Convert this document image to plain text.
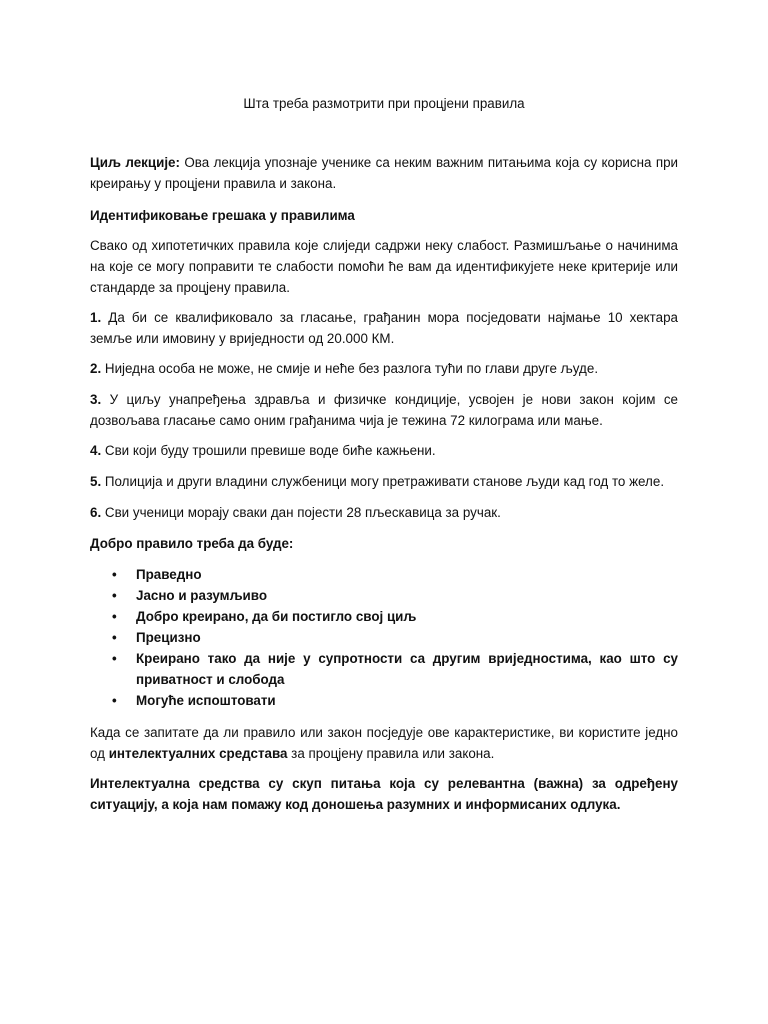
Шта треба размотрити при процјени правила
Циљ лекције: Ова лекција упознаје ученике са неким важним питањима која су корисна при креирању у процјени правила и закона.
Идентификовање грешака у правилима
Свако од хипотетичких правила које слиједи садржи неку слабост. Размишљање о начинима на које се могу поправити те слабости помоћи ће вам да идентификујете неке критерије или стандарде за процјену правила.
1. Да би се квалификовало за гласање, грађанин мора посједовати најмање 10 хектара земље или имовину у вриједности од 20.000 КМ.
2. Ниједна особа не може, не смије и неће без разлога тући по глави друге људе.
3. У циљу унапређења здравља и физичке кондиције, усвојен је нови закон којим се дозвољава гласање само оним грађанима чија је тежина 72 килограма или мање.
4. Сви који буду трошили превише воде биће кажњени.
5. Полиција и други владини службеници могу претраживати станове људи кад год то желе.
6. Сви ученици морају сваки дан појести 28 пљескавица за ручак.
Добро правило треба да буде:
• Праведно
• Јасно и разумљиво
• Добро креирано, да би постигло свој циљ
• Прецизно
• Креирано тако да није у супротности са другим вриједностима, као што су приватност и слобода
• Могуће испоштовати
Када се запитате да ли правило или закон посједује ове карактеристике, ви користите једно од интелектуалних средстава за процјену правила или закона.
Интелектуална средства су скуп питања која су релевантна (важна) за одређену ситуацију, а која нам помажу код доношења разумних и информисаних одлука.
